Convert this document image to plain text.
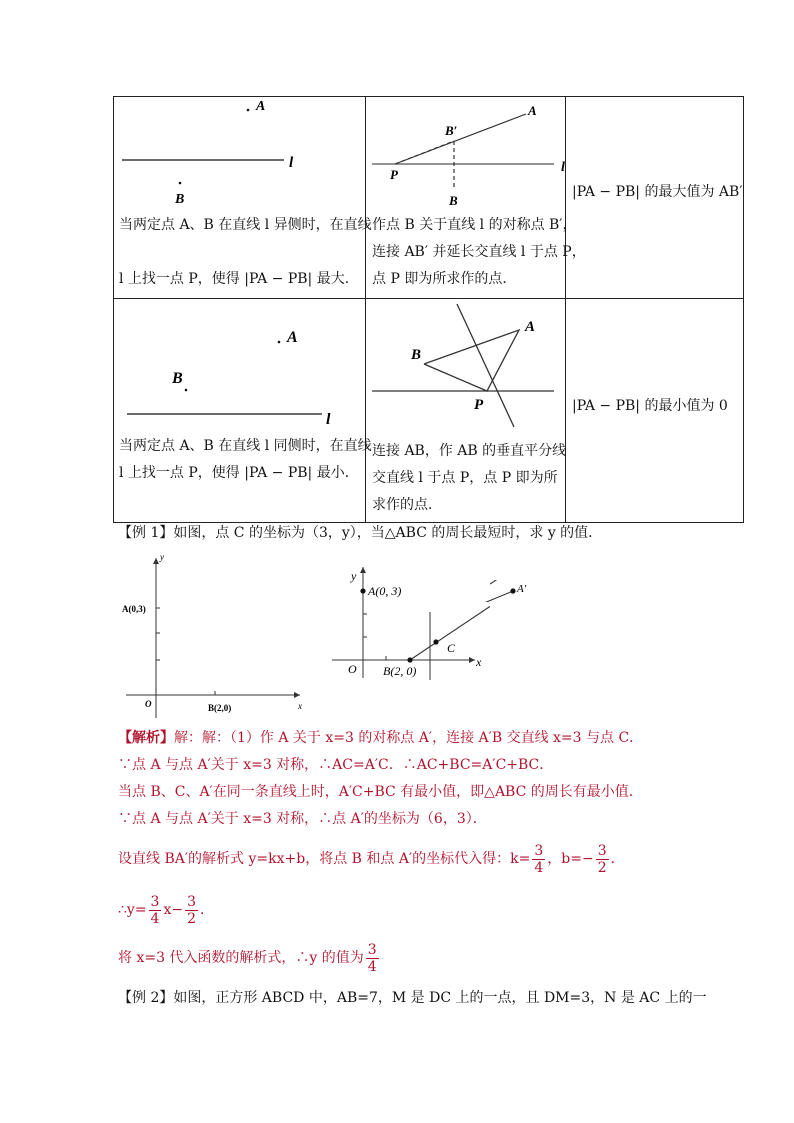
A
l
B
当两定点 A、B 在直线 l 异侧时，在直线
l 上找一点 P，使得 |PA − PB| 最大．
l
A
B′
P
B
作点 B 关于直线 l 的对称点 B′，
连接 AB′ 并延长交直线 l 于点 P，
点 P 即为所求作的点．
|PA − PB| 的最大值为 AB′
A
B
l
当两定点 A、B 在直线 l 同侧时，在直线
l 上找一点 P，使得 |PA − PB| 最小．
A
B
P
连接 AB，作 AB 的垂直平分线
交直线 l 于点 P，点 P 即为所
求作的点．
|PA − PB| 的最小值为 0
【例 1】如图，点 C 的坐标为（3，y），当△ABC 的周长最短时，求 y 的值．
y
x
O
A(0,3)
B(2,0)
y
x
O
A(0, 3)
B(2, 0)
C
A′
【解析】解：解：（1）作 A 关于 x=3 的对称点 A′，连接 A′B 交直线 x=3 与点 C．
∵点 A 与点 A′关于 x=3 对称，∴AC=A′C．∴AC+BC=A′C+BC．
当点 B、C、A′在同一条直线上时，A′C+BC 有最小值，即△ABC 的周长有最小值．
∵点 A 与点 A′关于 x=3 对称，∴点 A′的坐标为（6，3）．
设直线 BA′的解析式 y=kx+b，将点 B 和点 A′的坐标代入得：$k= \frac{3}{4}$ ，$b=- \frac{3}{2}$ ．
∴y= $\frac{3}{4} x- \frac{3}{2}$ ．
将 x=3 代入函数的解析式，∴y 的值为 $\frac{3}{4}$
【例 2】如图，正方形 ABCD 中，AB=7，M 是 DC 上的一点，且 DM=3，N 是 AC 上的一
